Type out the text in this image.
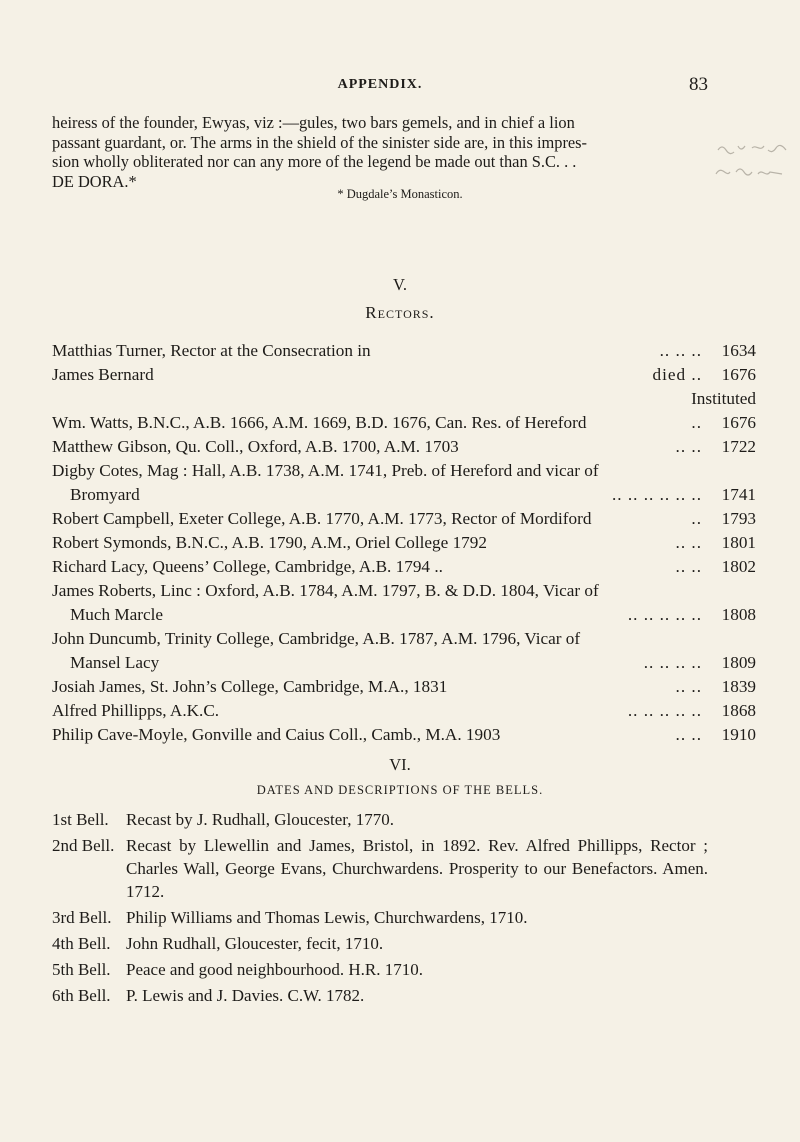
APPENDIX.	83

heiress of the founder, Ewyas, viz :—gules, two bars gemels, and in chief a lion

passant guardant, or. The arms in the shield of the sinister side are, in this impres-

sion wholly obliterated nor can any more of the legend be made out than S.C. . .

DE DORA.*

* Dugdale’s Monasticon.
V.
Rectors.
Matthias Turner, Rector at the Consecration in	.. .. ..	1634
James Bernard	died ..	1676
Instituted
Wm. Watts, B.N.C., A.B. 1666, A.M. 1669, B.D. 1676, Can. Res. of Hereford	..	1676
Matthew Gibson, Qu. Coll., Oxford, A.B. 1700, A.M. 1703	.. ..	1722
Digby Cotes, Mag : Hall, A.B. 1738, A.M. 1741, Preb. of Hereford and vicar of
Bromyard	.. .. .. .. .. ..	1741
Robert Campbell, Exeter College, A.B. 1770, A.M. 1773, Rector of Mordiford	..	1793
Robert Symonds, B.N.C., A.B. 1790, A.M., Oriel College 1792	.. ..	1801
Richard Lacy, Queens’ College, Cambridge, A.B. 1794 ..	.. ..	1802
James Roberts, Linc : Oxford, A.B. 1784, A.M. 1797, B. & D.D. 1804, Vicar of
Much Marcle	.. .. .. .. ..	1808
John Duncumb, Trinity College, Cambridge, A.B. 1787, A.M. 1796, Vicar of
Mansel Lacy	.. .. .. ..	1809
Josiah James, St. John’s College, Cambridge, M.A., 1831	.. ..	1839
Alfred Phillipps, A.K.C.	.. .. .. .. ..	1868
Philip Cave-Moyle, Gonville and Caius Coll., Camb., M.A. 1903	.. ..	1910
VI.
DATES AND DESCRIPTIONS OF THE BELLS.
1st Bell.	Recast by J. Rudhall, Gloucester, 1770.
2nd Bell. Recast by Llewellin and James, Bristol, in 1892. Rev. Alfred Phillipps, Rector ; Charles Wall, George Evans, Churchwardens. Prosperity to our Benefactors. Amen. 1712.
3rd Bell. Philip Williams and Thomas Lewis, Churchwardens, 1710.
4th Bell. John Rudhall, Gloucester, fecit, 1710.
5th Bell. Peace and good neighbourhood. H.R. 1710.
6th Bell. P. Lewis and J. Davies. C.W. 1782.
